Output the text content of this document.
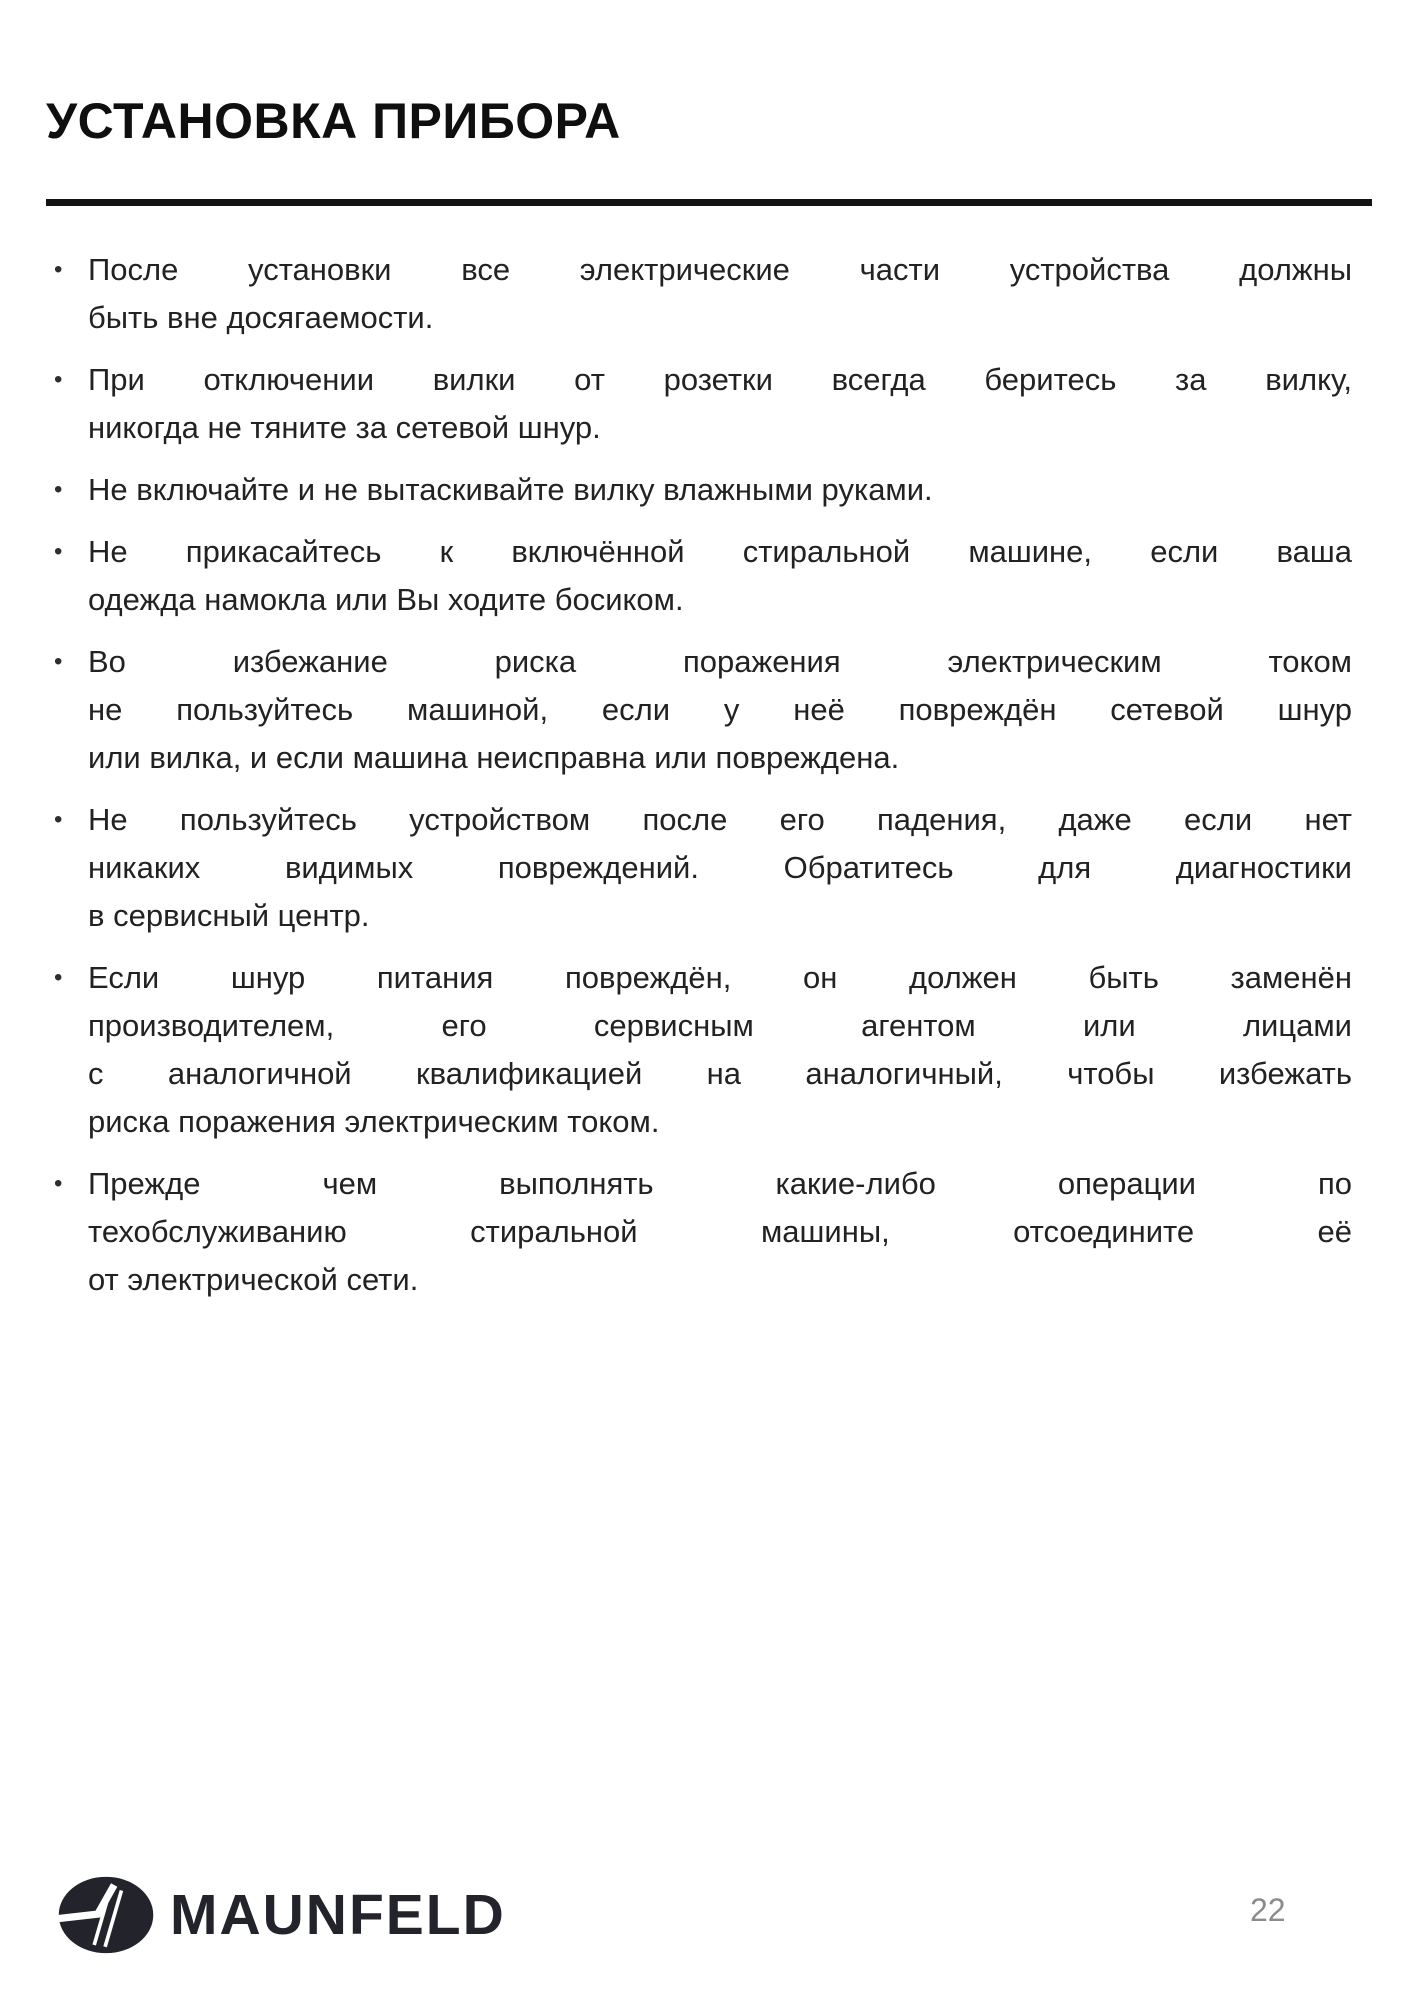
УСТАНОВКА ПРИБОРА
• После установки все электрические части устройства должны
быть вне досягаемости.
• При отключении вилки от розетки всегда беритесь за вилку,
никогда не тяните за сетевой шнур.
• Не включайте и не вытаскивайте вилку влажными руками.
• Не прикасайтесь к включённой стиральной машине, если ваша
одежда намокла или Вы ходите босиком.
• Во избежание риска поражения электрическим током
не пользуйтесь машиной, если у неё повреждён сетевой шнур
или вилка, и если машина неисправна или повреждена.
• Не пользуйтесь устройством после его падения, даже если нет
никаких видимых повреждений. Обратитесь для диагностики
в сервисный центр.
• Если шнур питания повреждён, он должен быть заменён
производителем, его сервисным агентом или лицами
с аналогичной квалификацией на аналогичный, чтобы избежать
риска поражения электрическим током.
• Прежде чем выполнять какие-либо операции по
техобслуживанию стиральной машины, отсоедините её
от электрической сети.
MAUNFELD	22
